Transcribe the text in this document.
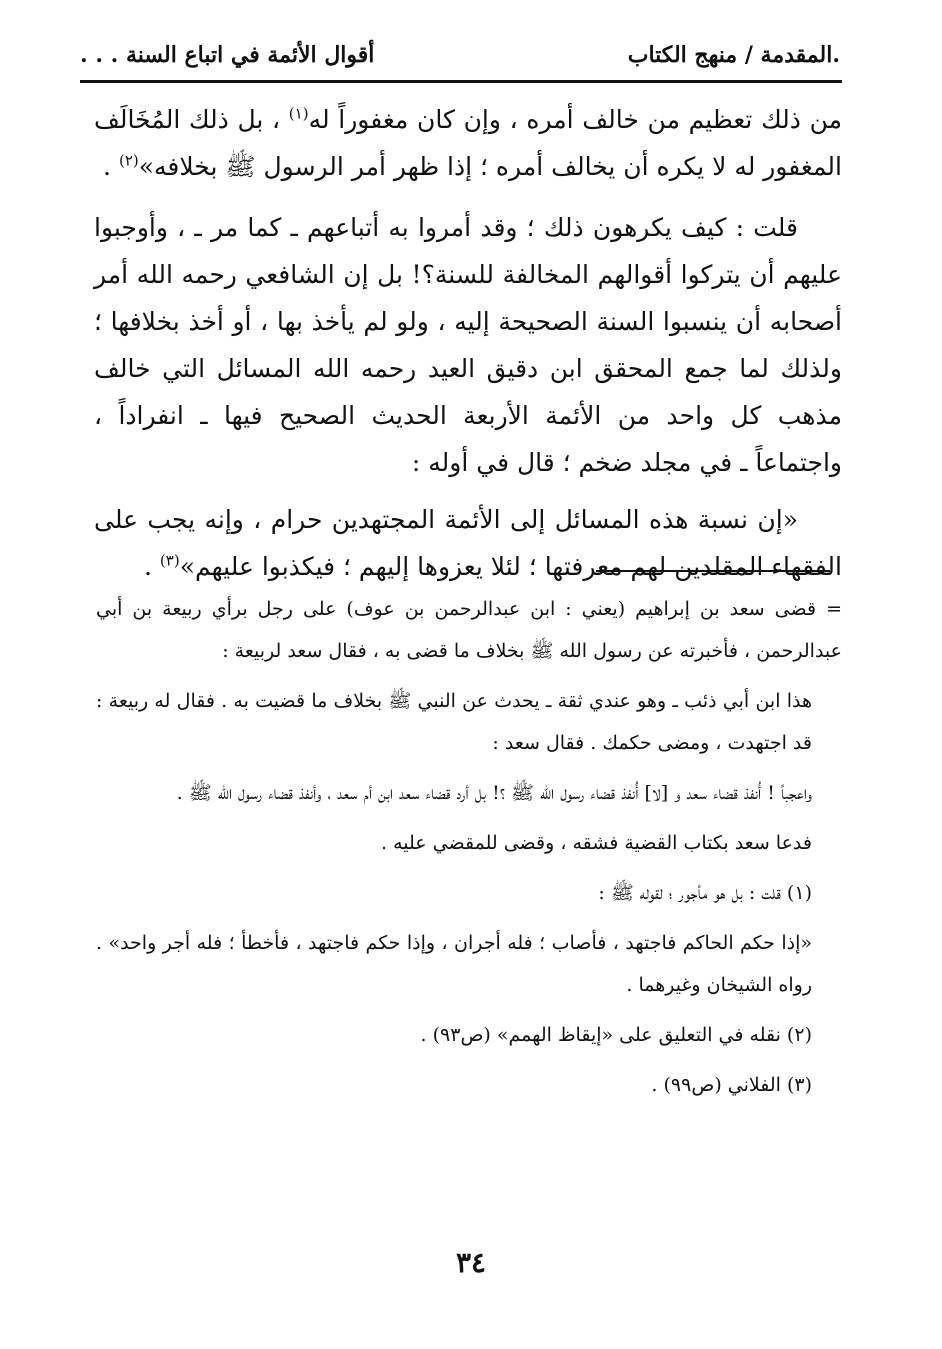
.المقدمة / منهج الكتاب
أقوال الأئمة في اتباع السنة . . .

من ذلك تعظيم من خالف أمره ، وإن كان مغفوراً له$^{(١)}$ ، بل ذلك المُخَالَف المغفور له لا يكره أن يخالف أمره ؛ إذا ظهر أمر الرسول ﷺ بخلافه»$^{(٢)}$ .

قلت : كيف يكرهون ذلك ؛ وقد أمروا به أتباعهم ـ كما مر ـ ، وأوجبوا عليهم أن يتركوا أقوالهم المخالفة للسنة؟! بل إن الشافعي رحمه الله أمر أصحابه أن ينسبوا السنة الصحيحة إليه ، ولو لم يأخذ بها ، أو أخذ بخلافها ؛ ولذلك لما جمع المحقق ابن دقيق العيد رحمه الله المسائل التي خالف مذهب كل واحد من الأئمة الأربعة الحديث الصحيح فيها ـ انفراداً ، واجتماعاً ـ في مجلد ضخم ؛ قال في أوله :

«إن نسبة هذه المسائل إلى الأئمة المجتهدين حرام ، وإنه يجب على الفقهاء المقلدين لهم معرفتها ؛ لئلا يعزوها إليهم ؛ فيكذبوا عليهم»$^{(٣)}$ .

= قضى سعد بن إبراهيم (يعني : ابن عبدالرحمن بن عوف) على رجل برأي ربيعة بن أبي عبدالرحمن ، فأخبرته عن رسول الله ﷺ بخلاف ما قضى به ، فقال سعد لربيعة :

هذا ابن أبي ذئب ـ وهو عندي ثقة ـ يحدث عن النبي ﷺ بخلاف ما قضيت به . فقال له ربيعة : قد اجتهدت ، ومضى حكمك . فقال سعد :

واعجباً ! أُنفذ قضاء سعد و [لا] أُنفذ قضاء رسول الله ﷺ ؟! بل أرد قضاء سعد ابن أم سعد ، وأنفذ قضاء رسول الله ﷺ .

فدعا سعد بكتاب القضية فشقه ، وقضى للمقضي عليه .

(١) قلت : بل هو مأجور ؛ لقوله ﷺ :

«إذا حكم الحاكم فاجتهد ، فأصاب ؛ فله أجران ، وإذا حكم فاجتهد ، فأخطأ ؛ فله أجر واحد» . رواه الشيخان وغيرهما .

(٢) نقله في التعليق على «إيقاظ الهمم» (ص٩٣) .

(٣) الفلاني (ص٩٩) .

٣٤
